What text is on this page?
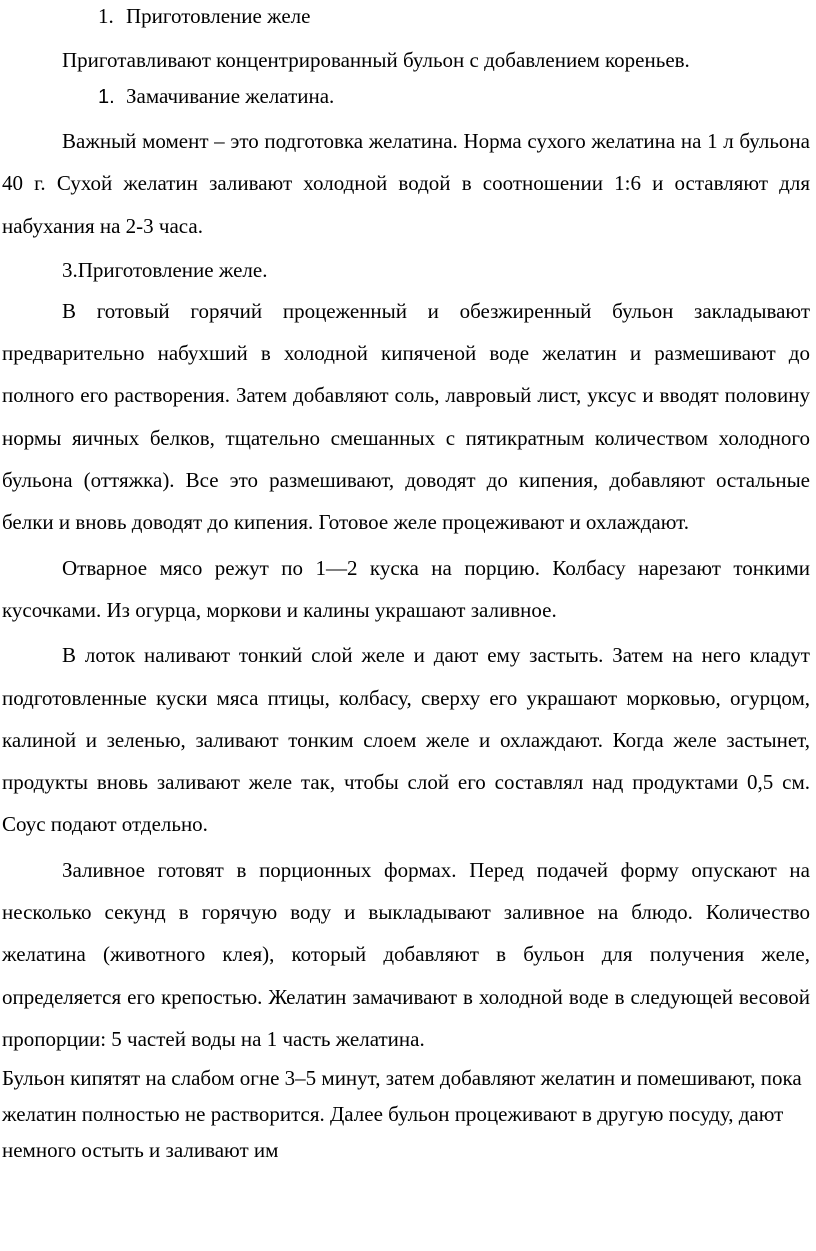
1. Приготовление желе

Приготавливают концентрированный бульон с добавлением кореньев.

1. Замачивание желатина.

Важный момент – это подготовка желатина. Норма сухого желатина на 1 л бульона 40 г. Сухой желатин заливают холодной водой в соотношении 1:6 и оставляют для набухания на 2-3 часа.

3.Приготовление желе.

В готовый горячий процеженный и обезжиренный бульон закладывают предварительно набухший в холодной кипяченой воде желатин и размешивают до полного его растворения. Затем добавляют соль, лавровый лист, уксус и вводят половину нормы яичных белков, тщательно смешанных с пятикратным количеством холодного бульона (оттяжка). Все это размешивают, доводят до кипения, добавляют остальные белки и вновь доводят до кипения. Готовое желе процеживают и охлаждают.

Отварное мясо режут по 1—2 куска на порцию. Колбасу нарезают тонкими кусочками. Из огурца, моркови и калины украшают заливное.

В лоток наливают тонкий слой желе и дают ему застыть. Затем на него кладут подготовленные куски мяса птицы, колбасу, сверху его украшают морковью, огурцом, калиной и зеленью, заливают тонким слоем желе и охлаждают. Когда желе застынет, продукты вновь заливают желе так, чтобы слой его составлял над продуктами 0,5 см. Соус подают отдельно.

Заливное готовят в порционных формах. Перед подачей форму опускают на несколько секунд в горячую воду и выкладывают заливное на блюдо. Количество желатина (животного клея), который добавляют в бульон для получения желе, определяется его крепостью. Желатин замачивают в холодной воде в следующей весовой пропорции: 5 частей воды на 1 часть желатина.

Бульон кипятят на слабом огне 3–5 минут, затем добавляют желатин и помешивают, пока желатин полностью не растворится. Далее бульон процеживают в другую посуду, дают немного остыть и заливают им
